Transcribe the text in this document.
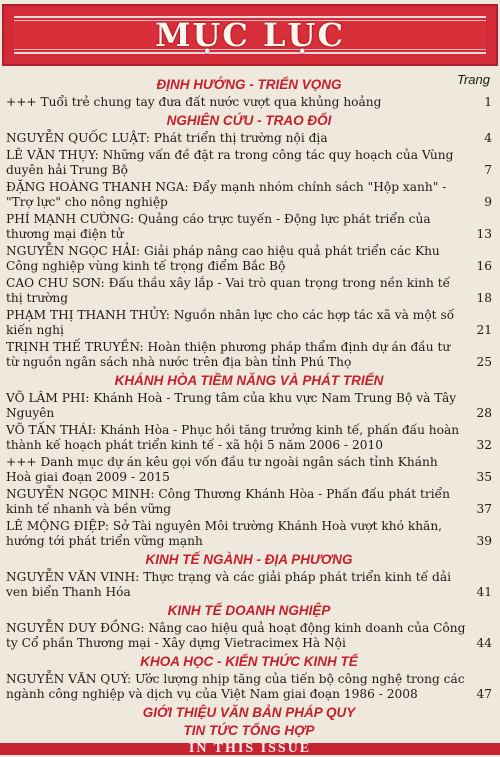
MỤC LỤC
Trang
ĐỊNH HƯỚNG - TRIỂN VỌNG
+++ Tuổi trẻ chung tay đưa đất nước vượt qua khủng hoảng	1
NGHIÊN CỨU - TRAO ĐỔI
NGUYỄN QUỐC LUẬT: Phát triển thị trường nội địa	4
LÊ VĂN THỤY: Những vấn đề đặt ra trong công tác quy hoạch của Vùng duyên hải Trung Bộ	7
ĐẶNG HOÀNG THANH NGA: Đẩy mạnh nhóm chính sách "Hộp xanh" - "Trợ lực" cho nông nghiệp	9
PHÍ MẠNH CƯỜNG: Quảng cáo trực tuyến - Động lực phát triển của thương mại điện tử	13
NGUYỄN NGỌC HẢI: Giải pháp nâng cao hiệu quả phát triển các Khu Công nghiệp vùng kinh tế trọng điểm Bắc Bộ	16
CAO CHU SƠN: Đấu thầu xây lắp - Vai trò quan trọng trong nền kinh tế thị trường	18
PHẠM THỊ THANH THỦY: Nguồn nhân lực cho các hợp tác xã và một số kiến nghị	21
TRỊNH THẾ TRUYỀN: Hoàn thiện phương pháp thẩm định dự án đầu tư từ nguồn ngân sách nhà nước trên địa bàn tỉnh Phú Thọ	25
KHÁNH HÒA TIỀM NĂNG VÀ PHÁT TRIỂN
VÕ LÂM PHI: Khánh Hoà - Trung tâm của khu vực Nam Trung Bộ và Tây Nguyên	28
VÕ TẤN THÁI: Khánh Hòa - Phục hồi tăng trưởng kinh tế, phấn đấu hoàn thành kế hoạch phát triển kinh tế - xã hội 5 năm 2006 - 2010	32
+++ Danh mục dự án kêu gọi vốn đầu tư ngoài ngân sách tỉnh Khánh Hoà giai đoạn 2009 - 2015	35
NGUYỄN NGỌC MINH: Công Thương Khánh Hòa - Phấn đấu phát triển kinh tế nhanh và bền vững	37
LÊ MỘNG ĐIỆP: Sở Tài nguyên Môi trường Khánh Hoà vượt khó khăn, hướng tới phát triển vững mạnh	39
KINH TẾ NGÀNH - ĐỊA PHƯƠNG
NGUYỄN VĂN VINH: Thực trạng và các giải pháp phát triển kinh tế dải ven biển Thanh Hóa	41
KINH TẾ DOANH NGHIỆP
NGUYỄN DUY ĐỒNG: Nâng cao hiệu quả hoạt động kinh doanh của Công ty Cổ phần Thương mại - Xây dựng Vietracimex Hà Nội	44
KHOA HỌC - KIẾN THỨC KINH TẾ
NGUYỄN VĂN QUÝ: Ước lượng nhịp tăng của tiến bộ công nghệ trong các ngành công nghiệp và dịch vụ của Việt Nam giai đoạn 1986 - 2008	47
GIỚI THIỆU VĂN BẢN PHÁP QUY
TIN TỨC TỔNG HỢP
IN THIS ISSUE
